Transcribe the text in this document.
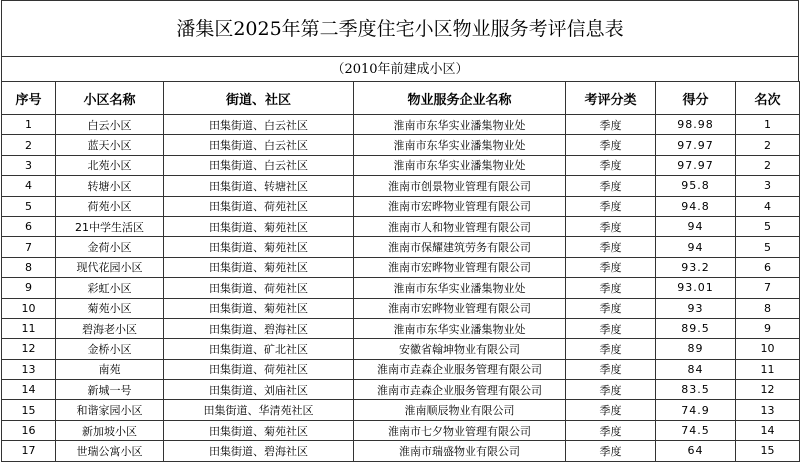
潘集区2025年第二季度住宅小区物业服务考评信息表
（2010年前建成小区）
序号	小区名称	街道、社区	物业服务企业名称	考评分类	得分	名次
1	白云小区	田集街道、白云社区	淮南市东华实业潘集物业处	季度	98.98	1
2	蓝天小区	田集街道、白云社区	淮南市东华实业潘集物业处	季度	97.97	2
3	北苑小区	田集街道、白云社区	淮南市东华实业潘集物业处	季度	97.97	2
4	转塘小区	田集街道、转塘社区	淮南市创景物业管理有限公司	季度	95.8	3
5	荷苑小区	田集街道、荷苑社区	淮南市宏晔物业管理有限公司	季度	94.8	4
6	21中学生活区	田集街道、菊苑社区	淮南市人和物业管理有限公司	季度	94	5
7	金荷小区	田集街道、菊苑社区	淮南市保耀建筑劳务有限公司	季度	94	5
8	现代花园小区	田集街道、菊苑社区	淮南市宏晔物业管理有限公司	季度	93.2	6
9	彩虹小区	田集街道、荷苑社区	淮南市东华实业潘集物业处	季度	93.01	7
10	菊苑小区	田集街道、菊苑社区	淮南市宏晔物业管理有限公司	季度	93	8
11	碧海老小区	田集街道、碧海社区	淮南市东华实业潘集物业处	季度	89.5	9
12	金桥小区	田集街道、矿北社区	安徽省翰坤物业有限公司	季度	89	10
13	南苑	田集街道、荷苑社区	淮南市垚森企业服务管理有限公司	季度	84	11
14	新城一号	田集街道、刘庙社区	淮南市垚森企业服务管理有限公司	季度	83.5	12
15	和谐家园小区	田集街道、华清苑社区	淮南顺辰物业有限公司	季度	74.9	13
16	新加坡小区	田集街道、菊苑社区	淮南市七夕物业管理有限公司	季度	74.5	14
17	世瑞公寓小区	田集街道、碧海社区	淮南市瑞盛物业有限公司	季度	64	15
